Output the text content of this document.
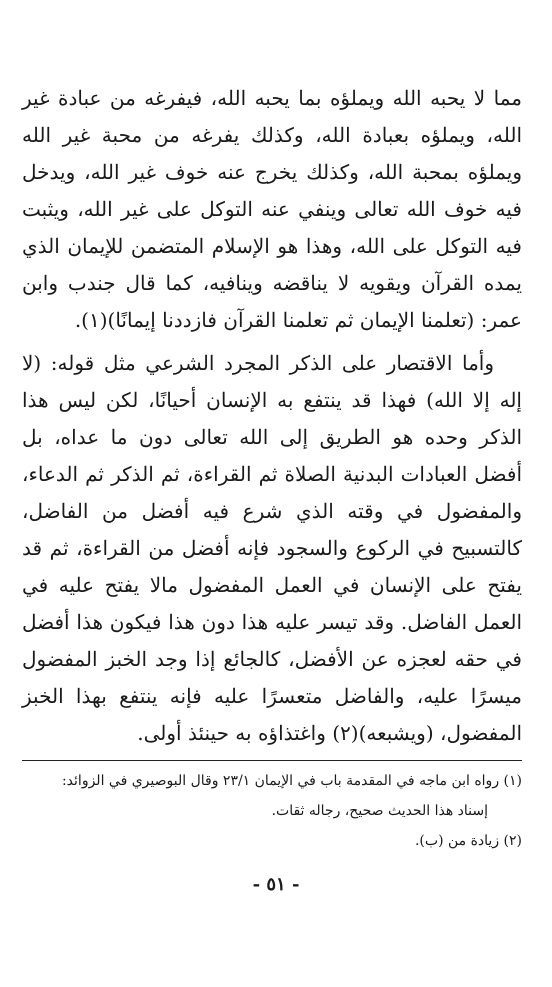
مما لا يحبه الله ويملؤه بما يحبه الله، فيفرغه من عبادة غير الله، ويملؤه بعبادة الله، وكذلك يفرغه من محبة غير الله ويملؤه بمحبة الله، وكذلك يخرج عنه خوف غير الله، ويدخل فيه خوف الله تعالى وينفي عنه التوكل على غير الله، ويثبت فيه التوكل على الله، وهذا هو الإسلام المتضمن للإيمان الذي يمده القرآن ويقويه لا يناقضه وينافيه، كما قال جندب وابن عمر: (تعلمنا الإيمان ثم تعلمنا القرآن فازددنا إيمانًا)(١).

وأما الاقتصار على الذكر المجرد الشرعي مثل قوله: (لا إله إلا الله) فهذا قد ينتفع به الإنسان أحيانًا، لكن ليس هذا الذكر وحده هو الطريق إلى الله تعالى دون ما عداه، بل أفضل العبادات البدنية الصلاة ثم القراءة، ثم الذكر ثم الدعاء، والمفضول في وقته الذي شرع فيه أفضل من الفاضل، كالتسبيح في الركوع والسجود فإنه أفضل من القراءة، ثم قد يفتح على الإنسان في العمل المفضول مالا يفتح عليه في العمل الفاضل. وقد تيسر عليه هذا دون هذا فيكون هذا أفضل في حقه لعجزه عن الأفضل، كالجائع إذا وجد الخبز المفضول ميسرًا عليه، والفاضل متعسرًا عليه فإنه ينتفع بهذا الخبز المفضول، (ويشبعه)(٢) واغتذاؤه به حينئذ أولى.

(١) رواه ابن ماجه في المقدمة باب في الإيمان ٢٣/١ وقال البوصيري في الزوائد:

إسناد هذا الحديث صحيح، رجاله ثقات.

(٢) زيادة من (ب).

- ٥١ -
